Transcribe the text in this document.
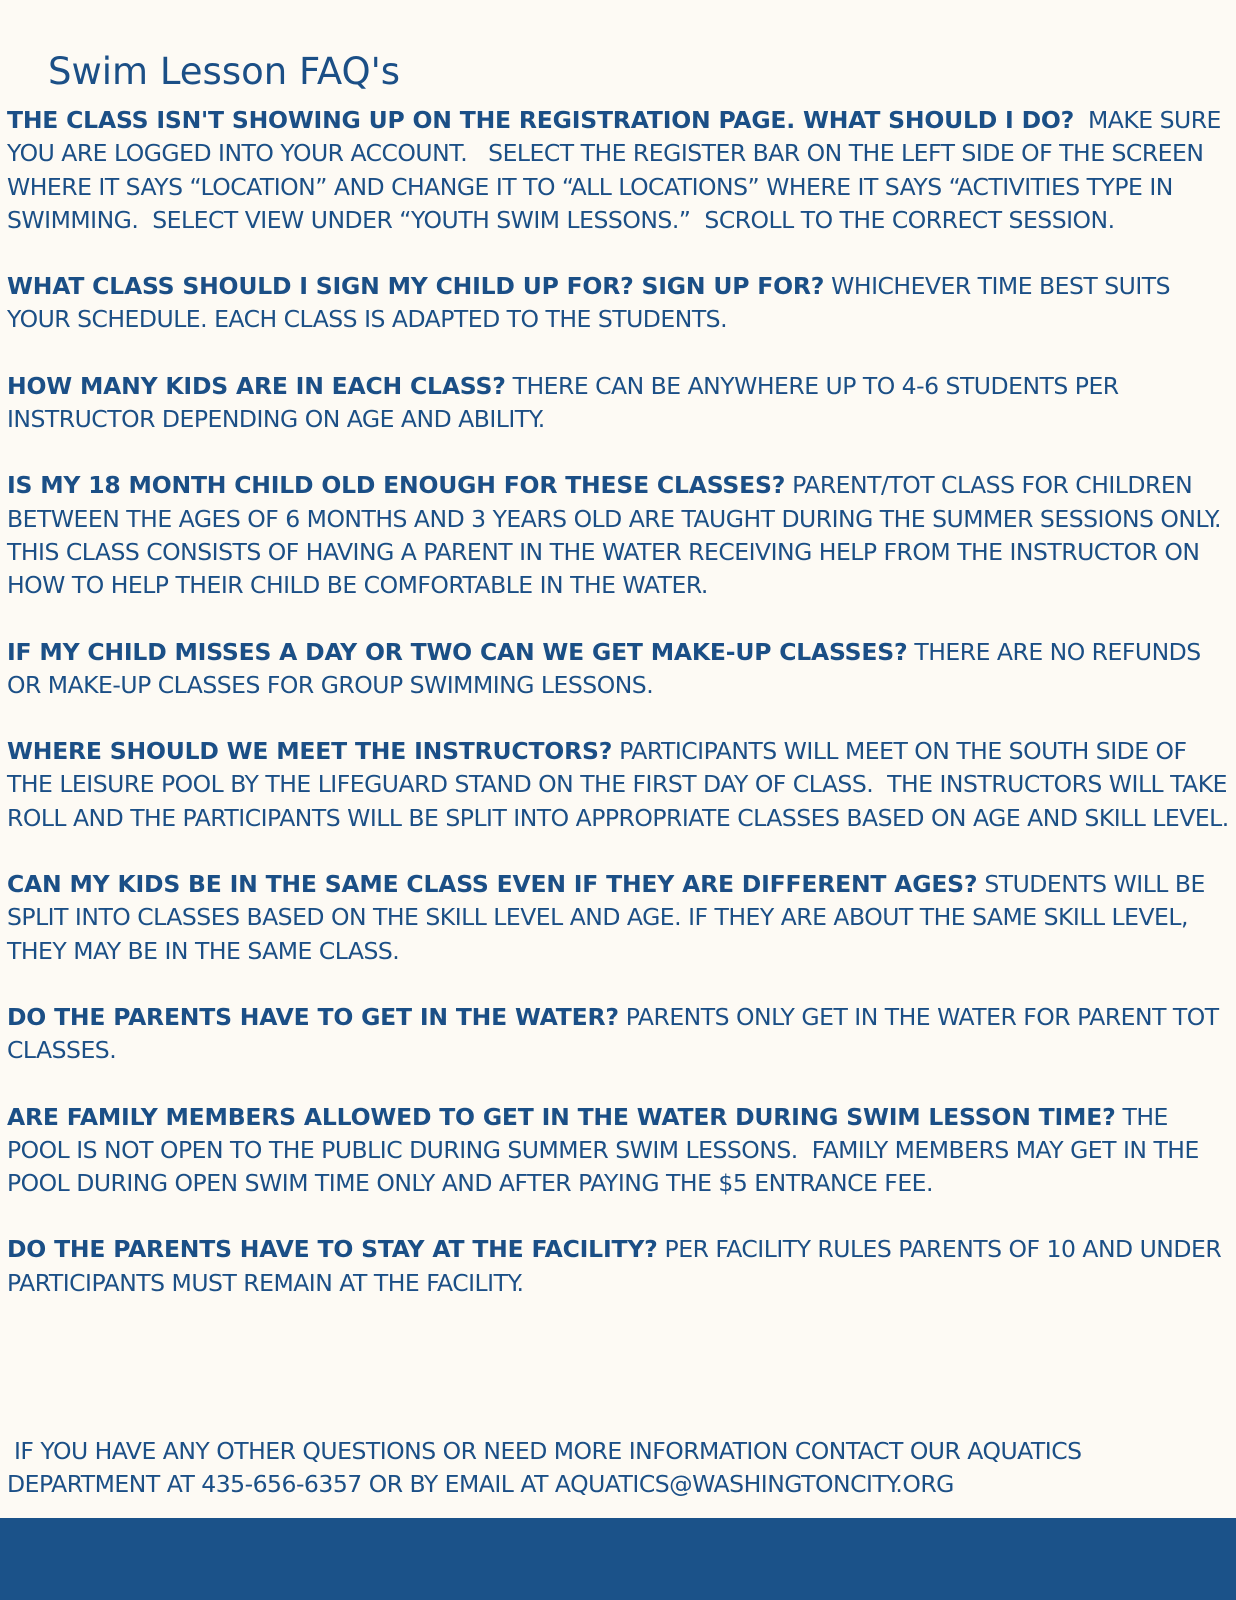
Swim Lesson FAQ's

THE CLASS ISN'T SHOWING UP ON THE REGISTRATION PAGE. WHAT SHOULD I DO?  MAKE SURE YOU ARE LOGGED INTO YOUR ACCOUNT.   SELECT THE REGISTER BAR ON THE LEFT SIDE OF THE SCREEN WHERE IT SAYS “LOCATION” AND CHANGE IT TO “ALL LOCATIONS” WHERE IT SAYS “ACTIVITIES TYPE IN SWIMMING.  SELECT VIEW UNDER “YOUTH SWIM LESSONS.”  SCROLL TO THE CORRECT SESSION.

WHAT CLASS SHOULD I SIGN MY CHILD UP FOR? SIGN UP FOR? WHICHEVER TIME BEST SUITS YOUR SCHEDULE. EACH CLASS IS ADAPTED TO THE STUDENTS.

HOW MANY KIDS ARE IN EACH CLASS? THERE CAN BE ANYWHERE UP TO 4-6 STUDENTS PER INSTRUCTOR DEPENDING ON AGE AND ABILITY.

IS MY 18 MONTH CHILD OLD ENOUGH FOR THESE CLASSES? PARENT/TOT CLASS FOR CHILDREN BETWEEN THE AGES OF 6 MONTHS AND 3 YEARS OLD ARE TAUGHT DURING THE SUMMER SESSIONS ONLY. THIS CLASS CONSISTS OF HAVING A PARENT IN THE WATER RECEIVING HELP FROM THE INSTRUCTOR ON HOW TO HELP THEIR CHILD BE COMFORTABLE IN THE WATER.

IF MY CHILD MISSES A DAY OR TWO CAN WE GET MAKE-UP CLASSES? THERE ARE NO REFUNDS OR MAKE-UP CLASSES FOR GROUP SWIMMING LESSONS.

WHERE SHOULD WE MEET THE INSTRUCTORS? PARTICIPANTS WILL MEET ON THE SOUTH SIDE OF THE LEISURE POOL BY THE LIFEGUARD STAND ON THE FIRST DAY OF CLASS.  THE INSTRUCTORS WILL TAKE ROLL AND THE PARTICIPANTS WILL BE SPLIT INTO APPROPRIATE CLASSES BASED ON AGE AND SKILL LEVEL.

CAN MY KIDS BE IN THE SAME CLASS EVEN IF THEY ARE DIFFERENT AGES? STUDENTS WILL BE SPLIT INTO CLASSES BASED ON THE SKILL LEVEL AND AGE. IF THEY ARE ABOUT THE SAME SKILL LEVEL, THEY MAY BE IN THE SAME CLASS.

DO THE PARENTS HAVE TO GET IN THE WATER? PARENTS ONLY GET IN THE WATER FOR PARENT TOT CLASSES.

ARE FAMILY MEMBERS ALLOWED TO GET IN THE WATER DURING SWIM LESSON TIME? THE POOL IS NOT OPEN TO THE PUBLIC DURING SUMMER SWIM LESSONS.  FAMILY MEMBERS MAY GET IN THE POOL DURING OPEN SWIM TIME ONLY AND AFTER PAYING THE $5 ENTRANCE FEE.

DO THE PARENTS HAVE TO STAY AT THE FACILITY? PER FACILITY RULES PARENTS OF 10 AND UNDER PARTICIPANTS MUST REMAIN AT THE FACILITY.

IF YOU HAVE ANY OTHER QUESTIONS OR NEED MORE INFORMATION CONTACT OUR AQUATICS DEPARTMENT AT 435-656-6357 OR BY EMAIL AT AQUATICS@WASHINGTONCITY.ORG
